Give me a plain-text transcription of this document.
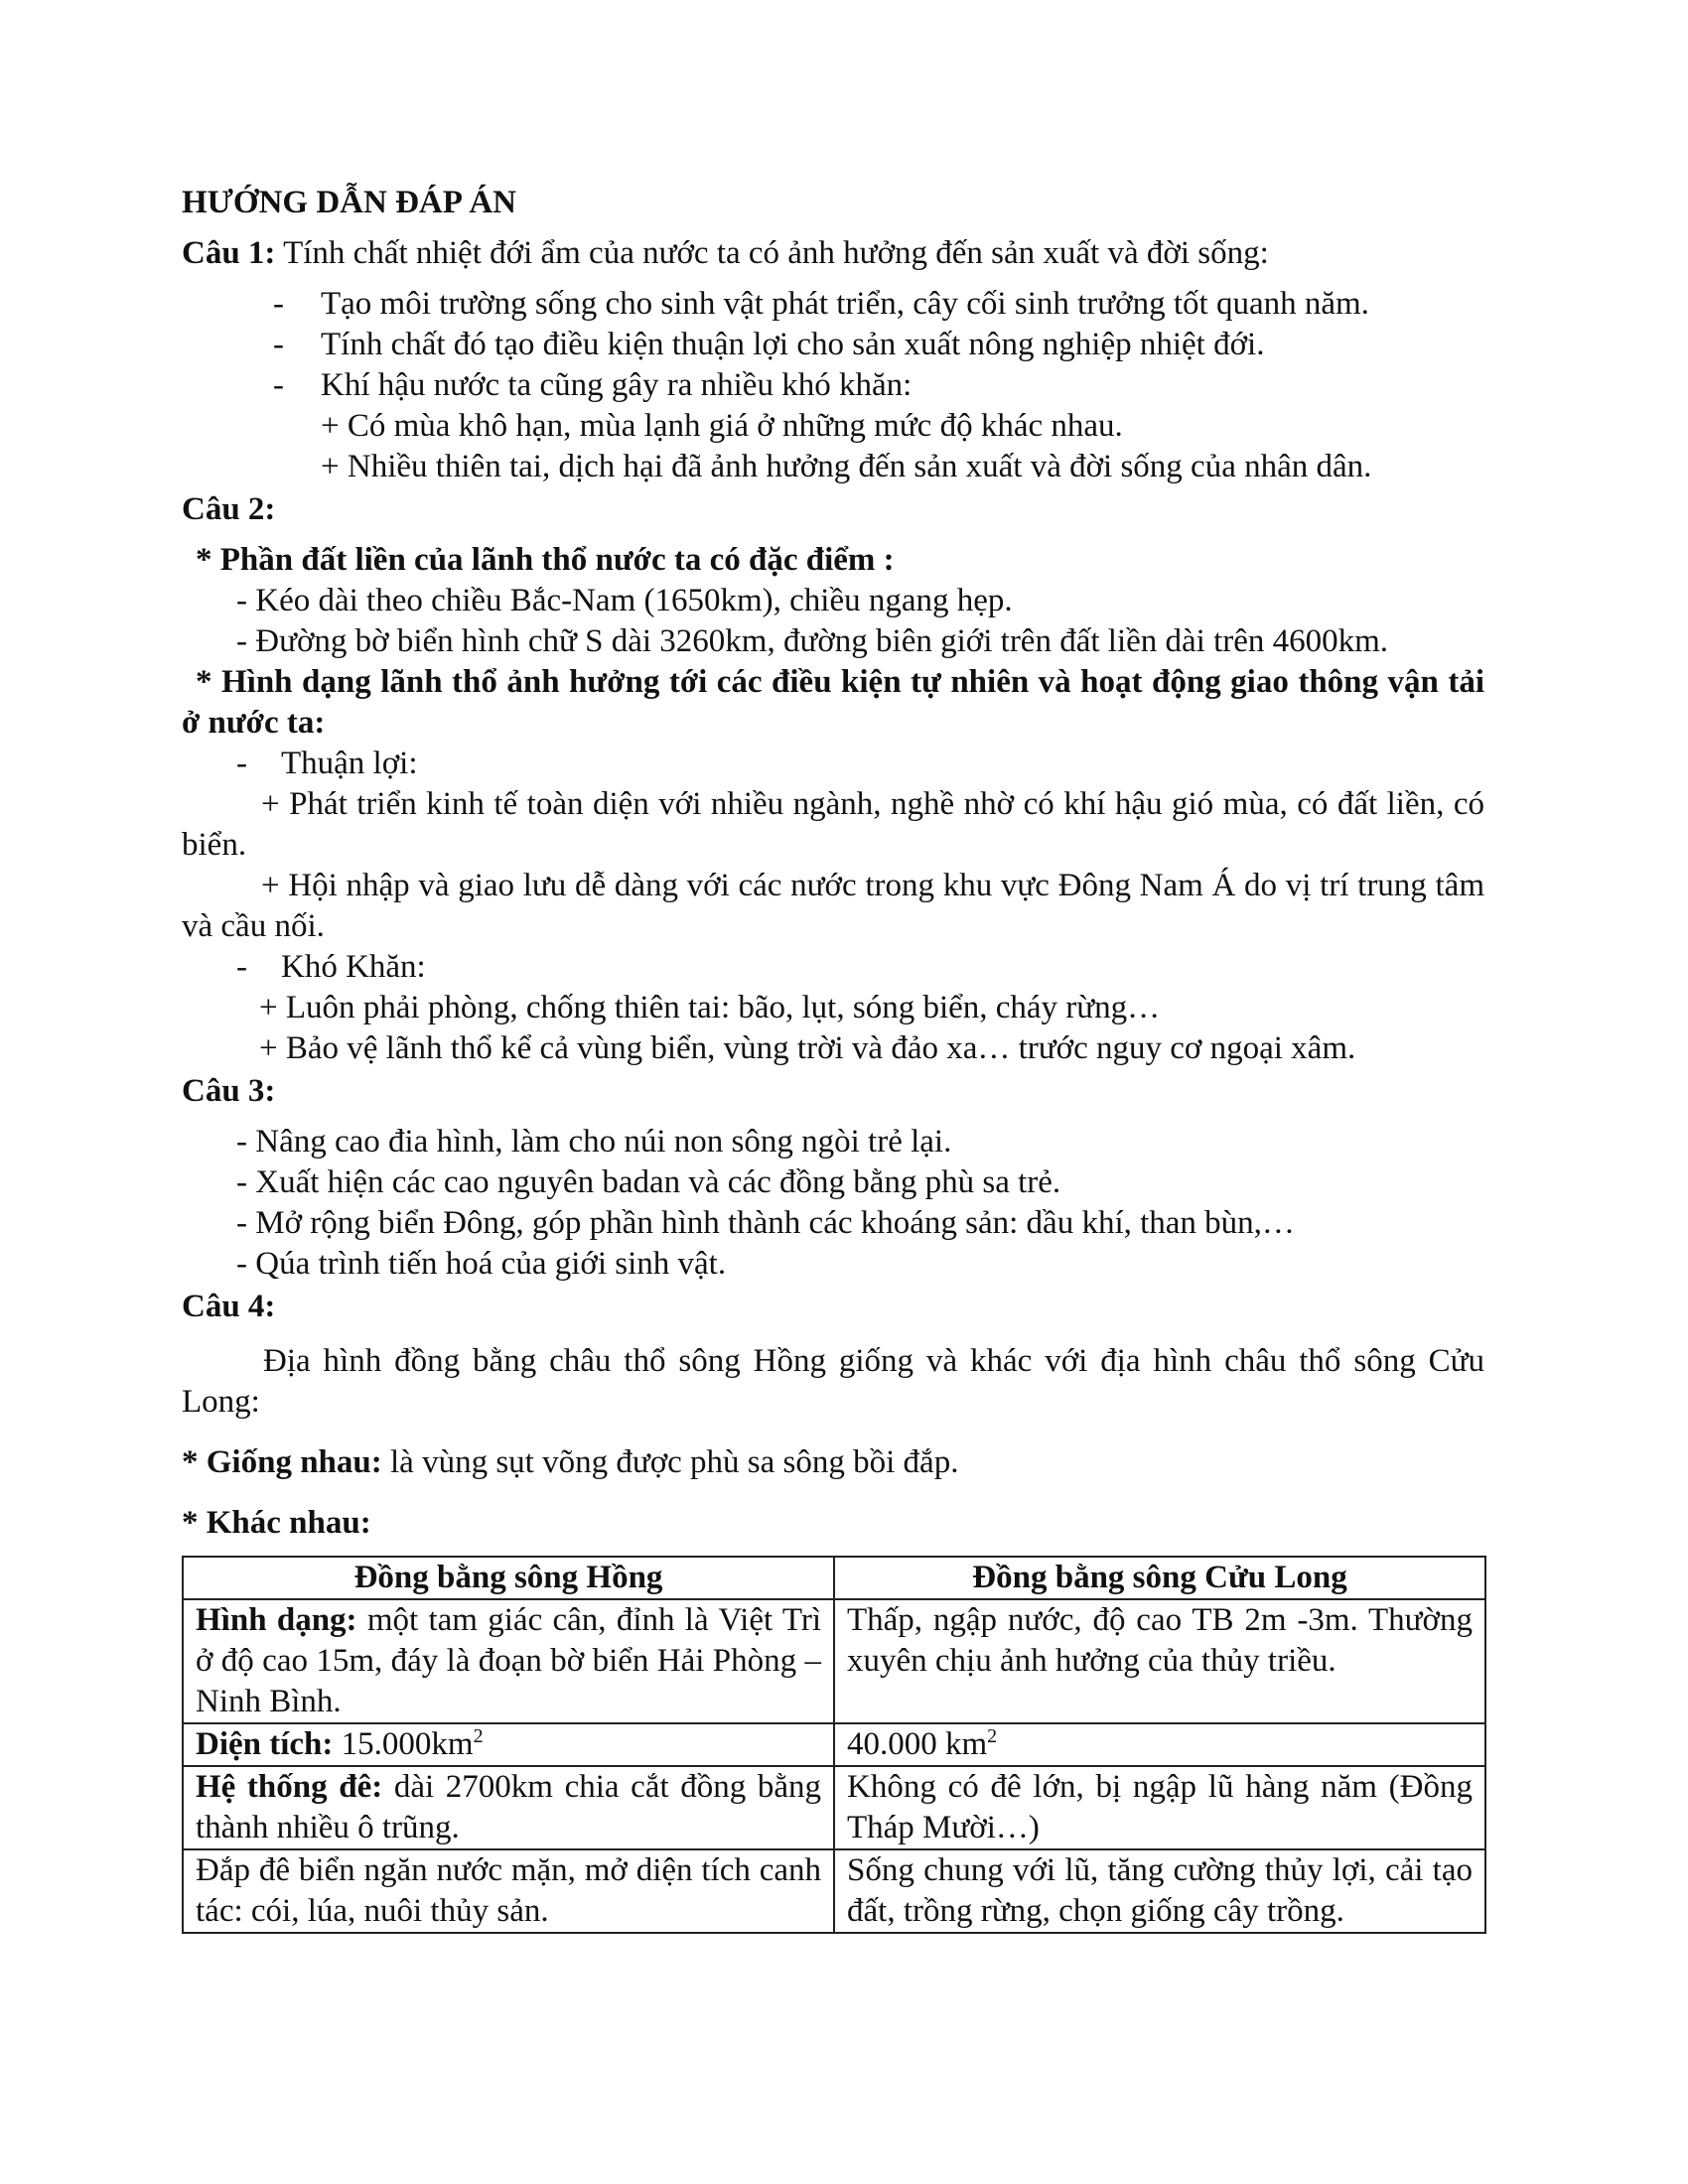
HƯỚNG DẪN ĐÁP ÁN

Câu 1: Tính chất nhiệt đới ẩm của nước ta có ảnh hưởng đến sản xuất và đời sống:

- Tạo môi trường sống cho sinh vật phát triển, cây cối sinh trưởng tốt quanh năm.

- Tính chất đó tạo điều kiện thuận lợi cho sản xuất nông nghiệp nhiệt đới.

- Khí hậu nước ta cũng gây ra nhiều khó khăn:

+ Có mùa khô hạn, mùa lạnh giá ở những mức độ khác nhau.

+ Nhiều thiên tai, dịch hại đã ảnh hưởng đến sản xuất và đời sống của nhân dân.

Câu 2:

* Phần đất liền của lãnh thổ nước ta có đặc điểm :

- Kéo dài theo chiều Bắc-Nam (1650km), chiều ngang hẹp.

- Đường bờ biển hình chữ S dài 3260km, đường biên giới trên đất liền dài trên 4600km.

* Hình dạng lãnh thổ ảnh hưởng tới các điều kiện tự nhiên và hoạt động giao thông vận tải ở nước ta:

- Thuận lợi:

+ Phát triển kinh tế toàn diện với nhiều ngành, nghề nhờ có khí hậu gió mùa, có đất liền, có biển.

+ Hội nhập và giao lưu dễ dàng với các nước trong khu vực Đông Nam Á do vị trí trung tâm và cầu nối.

- Khó Khăn:

+ Luôn phải phòng, chống thiên tai: bão, lụt, sóng biển, cháy rừng…

+ Bảo vệ lãnh thổ kể cả vùng biển, vùng trời và đảo xa… trước nguy cơ ngoại xâm.

Câu 3:

- Nâng cao đia hình, làm cho núi non sông ngòi trẻ lại.

- Xuất hiện các cao nguyên badan và các đồng bằng phù sa trẻ.

- Mở rộng biển Đông, góp phần hình thành các khoáng sản: dầu khí, than bùn,…

- Qúa trình tiến hoá của giới sinh vật.

Câu 4:

Địa hình đồng bằng châu thổ sông Hồng giống và khác với địa hình châu thổ sông Cửu Long:

* Giống nhau: là vùng sụt võng được phù sa sông bồi đắp.

* Khác nhau:

Đồng bằng sông Hồng	Đồng bằng sông Cửu Long
Hình dạng: một tam giác cân, đỉnh là Việt Trì ở độ cao 15m, đáy là đoạn bờ biển Hải Phòng – Ninh Bình.	Thấp, ngập nước, độ cao TB 2m -3m. Thường xuyên chịu ảnh hưởng của thủy triều.
Diện tích: $15.000km^2$	40.000 $km^2$
Hệ thống đê: dài 2700km chia cắt đồng bằng thành nhiều ô trũng.	Không có đê lớn, bị ngập lũ hàng năm (Đồng Tháp Mười…)
Đắp đê biển ngăn nước mặn, mở diện tích canh tác: cói, lúa, nuôi thủy sản.	Sống chung với lũ, tăng cường thủy lợi, cải tạo đất, trồng rừng, chọn giống cây trồng.
